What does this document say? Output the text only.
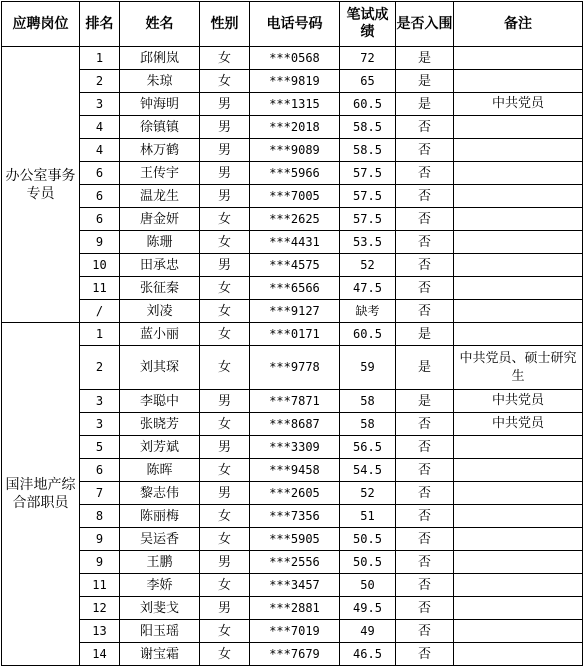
应聘岗位	排名	姓名	性别	电话号码	笔试成绩	是否入围	备注
办公室事务专员	1	邱俐岚	女	***0568	72	是	
	2	朱琼	女	***9819	65	是	
	3	钟海明	男	***1315	60.5	是	中共党员
	4	徐镇镇	男	***2018	58.5	否	
	4	林万鹤	男	***9089	58.5	否	
	6	王传宇	男	***5966	57.5	否	
	6	温龙生	男	***7005	57.5	否	
	6	唐金妍	女	***2625	57.5	否	
	9	陈珊	女	***4431	53.5	否	
	10	田承忠	男	***4575	52	否	
	11	张征秦	女	***6566	47.5	否	
	/	刘凌	女	***9127	缺考	否	
国沣地产综合部职员	1	蓝小丽	女	***0171	60.5	是	
	2	刘其琛	女	***9778	59	是	中共党员、硕士研究生
	3	李聪中	男	***7871	58	是	中共党员
	3	张晓芳	女	***8687	58	否	中共党员
	5	刘芳斌	男	***3309	56.5	否	
	6	陈晖	女	***9458	54.5	否	
	7	黎志伟	男	***2605	52	否	
	8	陈丽梅	女	***7356	51	否	
	9	吴运香	女	***5905	50.5	否	
	9	王鹏	男	***2556	50.5	否	
	11	李娇	女	***3457	50	否	
	12	刘斐戈	男	***2881	49.5	否	
	13	阳玉瑶	女	***7019	49	否	
	14	谢宝霜	女	***7679	46.5	否	
